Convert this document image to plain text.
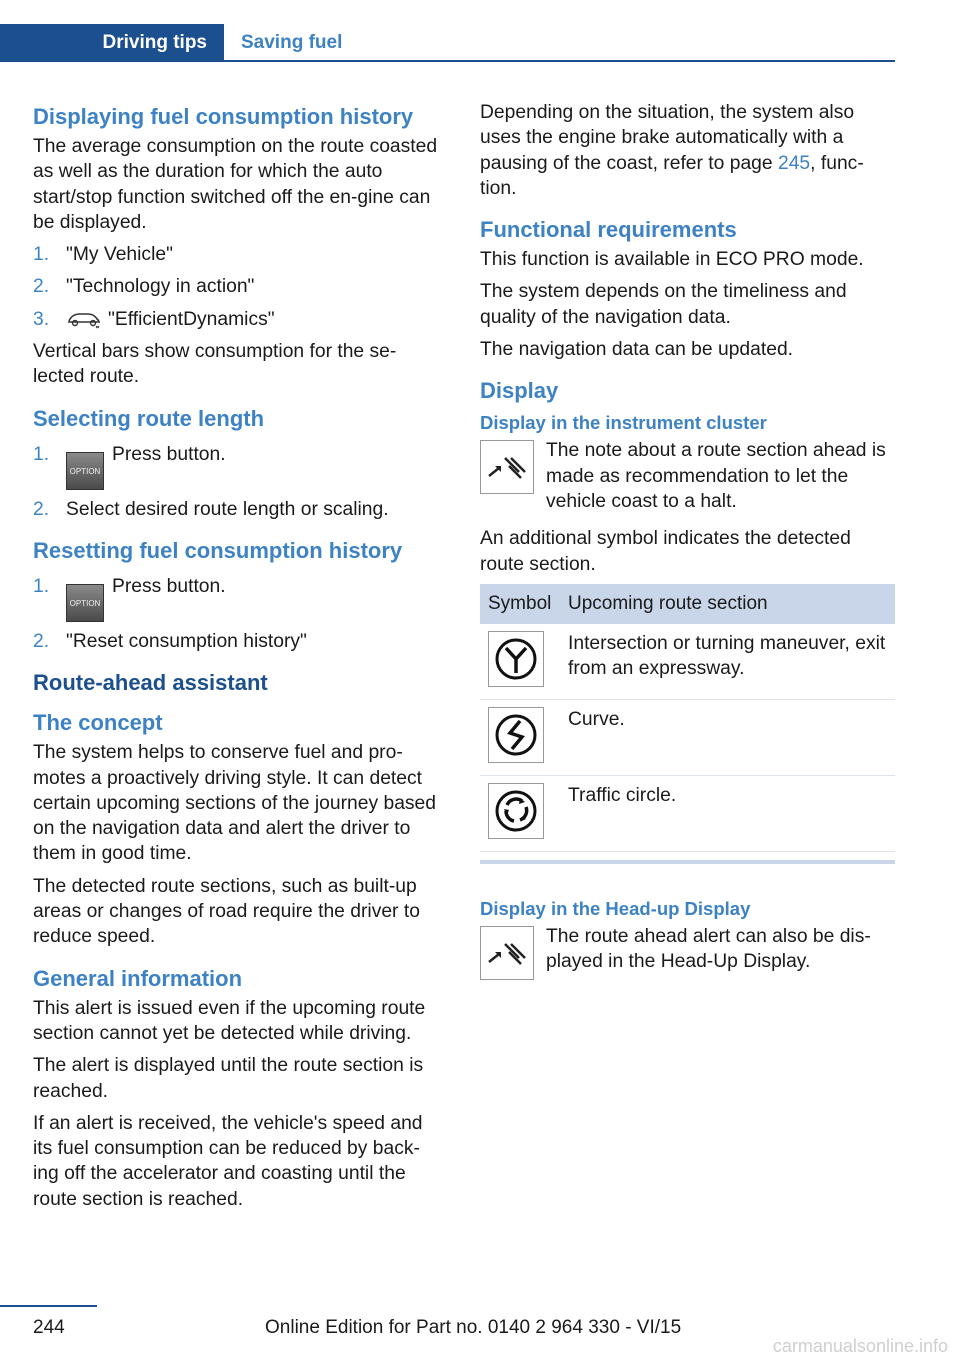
Driving tips	Saving fuel
Displaying fuel consumption history

The average consumption on the route coasted as well as the duration for which the auto start/stop function switched off the en‐gine can be displayed.

1. "My Vehicle"
2. "Technology in action"
3.	"EfficientDynamics"

Vertical bars show consumption for the se‐lected route.

Selecting route length
1.
OPTIONPress button.
2. Select desired route length or scaling.
Resetting fuel consumption history
1.
OPTIONPress button.
2. "Reset consumption history"
Route-ahead assistant
The concept

The system helps to conserve fuel and pro‐motes a proactively driving style. It can detect certain upcoming sections of the journey based on the navigation data and alert the driver to them in good time.

The detected route sections, such as built-up areas or changes of road require the driver to reduce speed.

General information

This alert is issued even if the upcoming route section cannot yet be detected while driving.

The alert is displayed until the route section is reached.

If an alert is received, the vehicle's speed and its fuel consumption can be reduced by back‐ing off the accelerator and coasting until the route section is reached.

Depending on the situation, the system also uses the engine brake automatically with a pausing of the coast, refer to page 245, func‐tion.

Functional requirements

This function is available in ECO PRO mode.

The system depends on the timeliness and quality of the navigation data.

The navigation data can be updated.

Display
Display in the instrument cluster
The note about a route section ahead is made as recommendation to let the vehicle coast to a halt.

An additional symbol indicates the detected route section.

Symbol	Upcoming route section

	Intersection or turning maneuver, exit from an expressway.

	Curve.

	Traffic circle.
Display in the Head-up Display
The route ahead alert can also be dis‐played in the Head-Up Display.
244	Online Edition for Part no. 0140 2 964 330 - VI/15
carmanualsonline.info
